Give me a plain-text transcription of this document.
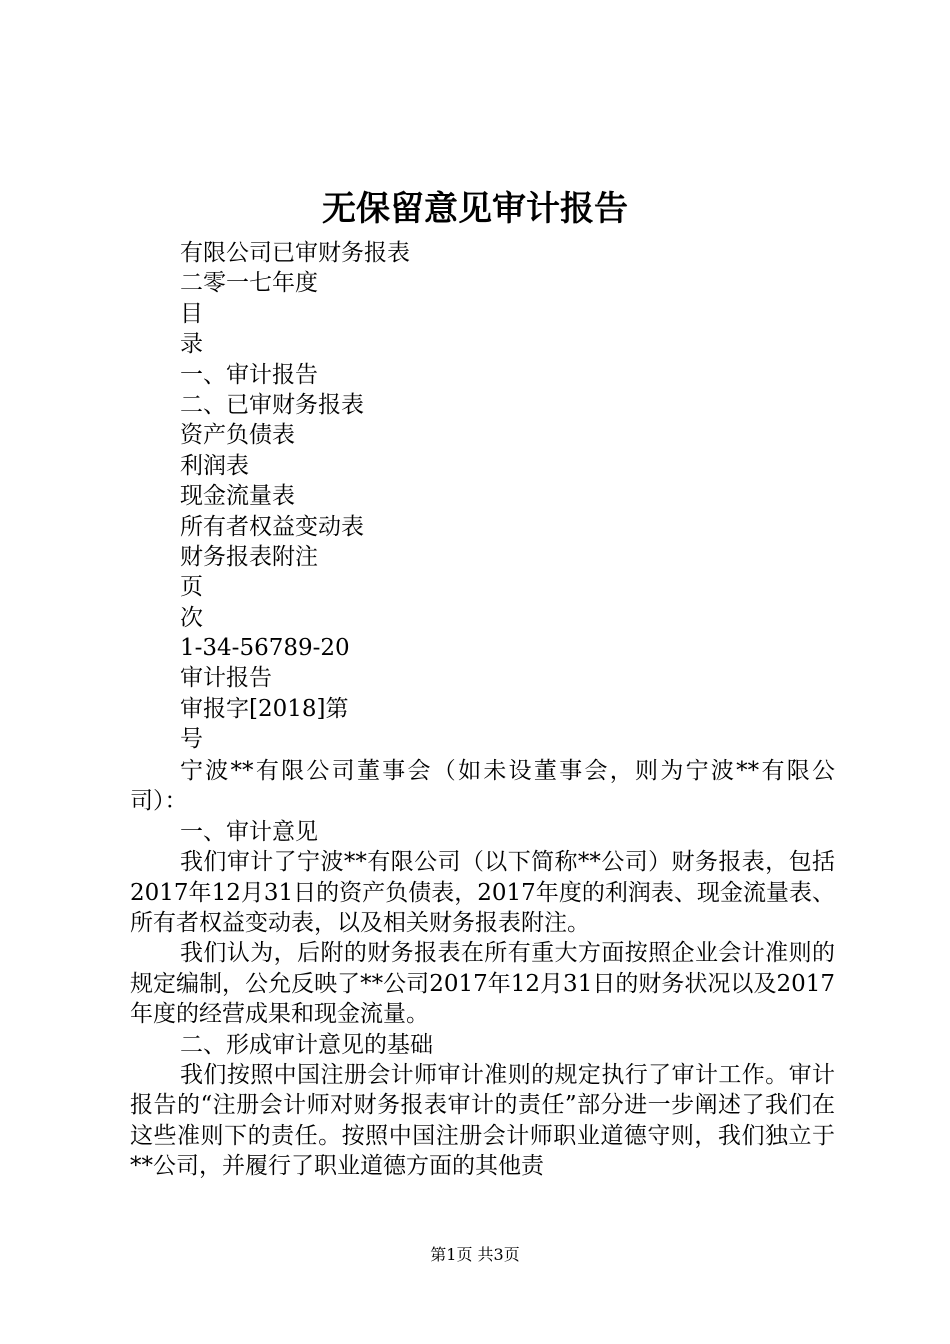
无保留意见审计报告
有限公司已审财务报表
二零一七年度
目
录
一、审计报告
二、已审财务报表
资产负债表
利润表
现金流量表
所有者权益变动表
财务报表附注
页
次
1-34-56789-20
审计报告
审报字[2018]第
号

宁波**有限公司董事会（如未设董事会，则为宁波**有限公司）：

一、审计意见

我们审计了宁波**有限公司（以下简称**公司）财务报表，包括2017年12月31日的资产负债表，2017年度的利润表、现金流量表、所有者权益变动表，以及相关财务报表附注。

我们认为，后附的财务报表在所有重大方面按照企业会计准则的规定编制，公允反映了**公司2017年12月31日的财务状况以及2017年度的经营成果和现金流量。

二、形成审计意见的基础

我们按照中国注册会计师审计准则的规定执行了审计工作。审计报告的“注册会计师对财务报表审计的责任”部分进一步阐述了我们在这些准则下的责任。按照中国注册会计师职业道德守则，我们独立于**公司，并履行了职业道德方面的其他责

第1页 共3页
